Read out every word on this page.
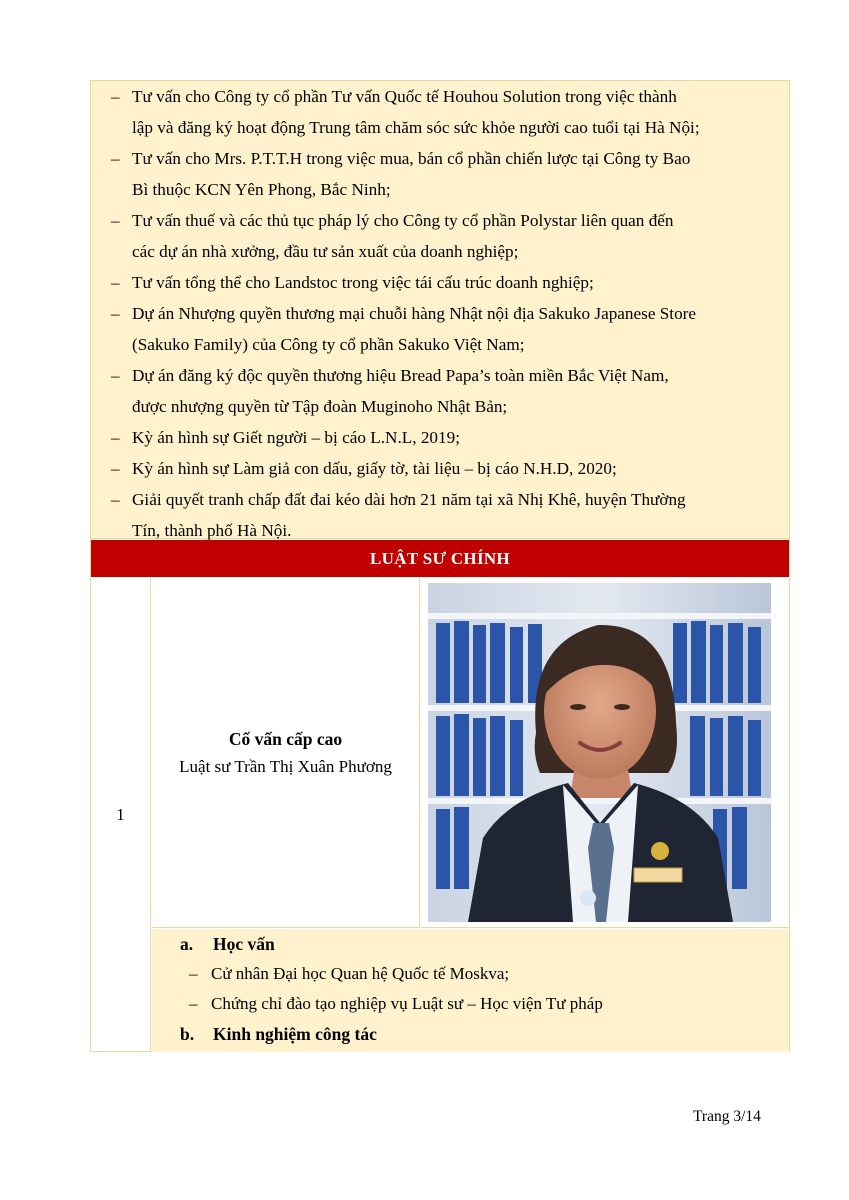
– Tư vấn cho Công ty cổ phần Tư vấn Quốc tế Houhou Solution trong việc thành
lập và đăng ký hoạt động Trung tâm chăm sóc sức khỏe người cao tuổi tại Hà Nội;
– Tư vấn cho Mrs. P.T.T.H trong việc mua, bán cổ phần chiến lược tại Công ty Bao
Bì thuộc KCN Yên Phong, Bắc Ninh;
– Tư vấn thuế và các thủ tục pháp lý cho Công ty cổ phần Polystar liên quan đến
các dự án nhà xưởng, đầu tư sản xuất của doanh nghiệp;
– Tư vấn tổng thể cho Landstoc trong việc tái cấu trúc doanh nghiệp;
– Dự án Nhượng quyền thương mại chuỗi hàng Nhật nội địa Sakuko Japanese Store
(Sakuko Family) của Công ty cổ phần Sakuko Việt Nam;
– Dự án đăng ký độc quyền thương hiệu Bread Papa’s toàn miền Bắc Việt Nam,
được nhượng quyền từ Tập đoàn Muginoho Nhật Bản;
– Kỳ án hình sự Giết người – bị cáo L.N.L, 2019;
– Kỳ án hình sự Làm giả con dấu, giấy tờ, tài liệu – bị cáo N.H.D, 2020;
– Giải quyết tranh chấp đất đai kéo dài hơn 21 năm tại xã Nhị Khê, huyện Thường
Tín, thành phố Hà Nội.
LUẬT SƯ CHÍNH
1
Cố vấn cấp cao
Luật sư Trần Thị Xuân Phương
a. Học vấn
– Cử nhân Đại học Quan hệ Quốc tế Moskva;
– Chứng chỉ đào tạo nghiệp vụ Luật sư – Học viện Tư pháp
b. Kinh nghiệm công tác
Trang 3/14
